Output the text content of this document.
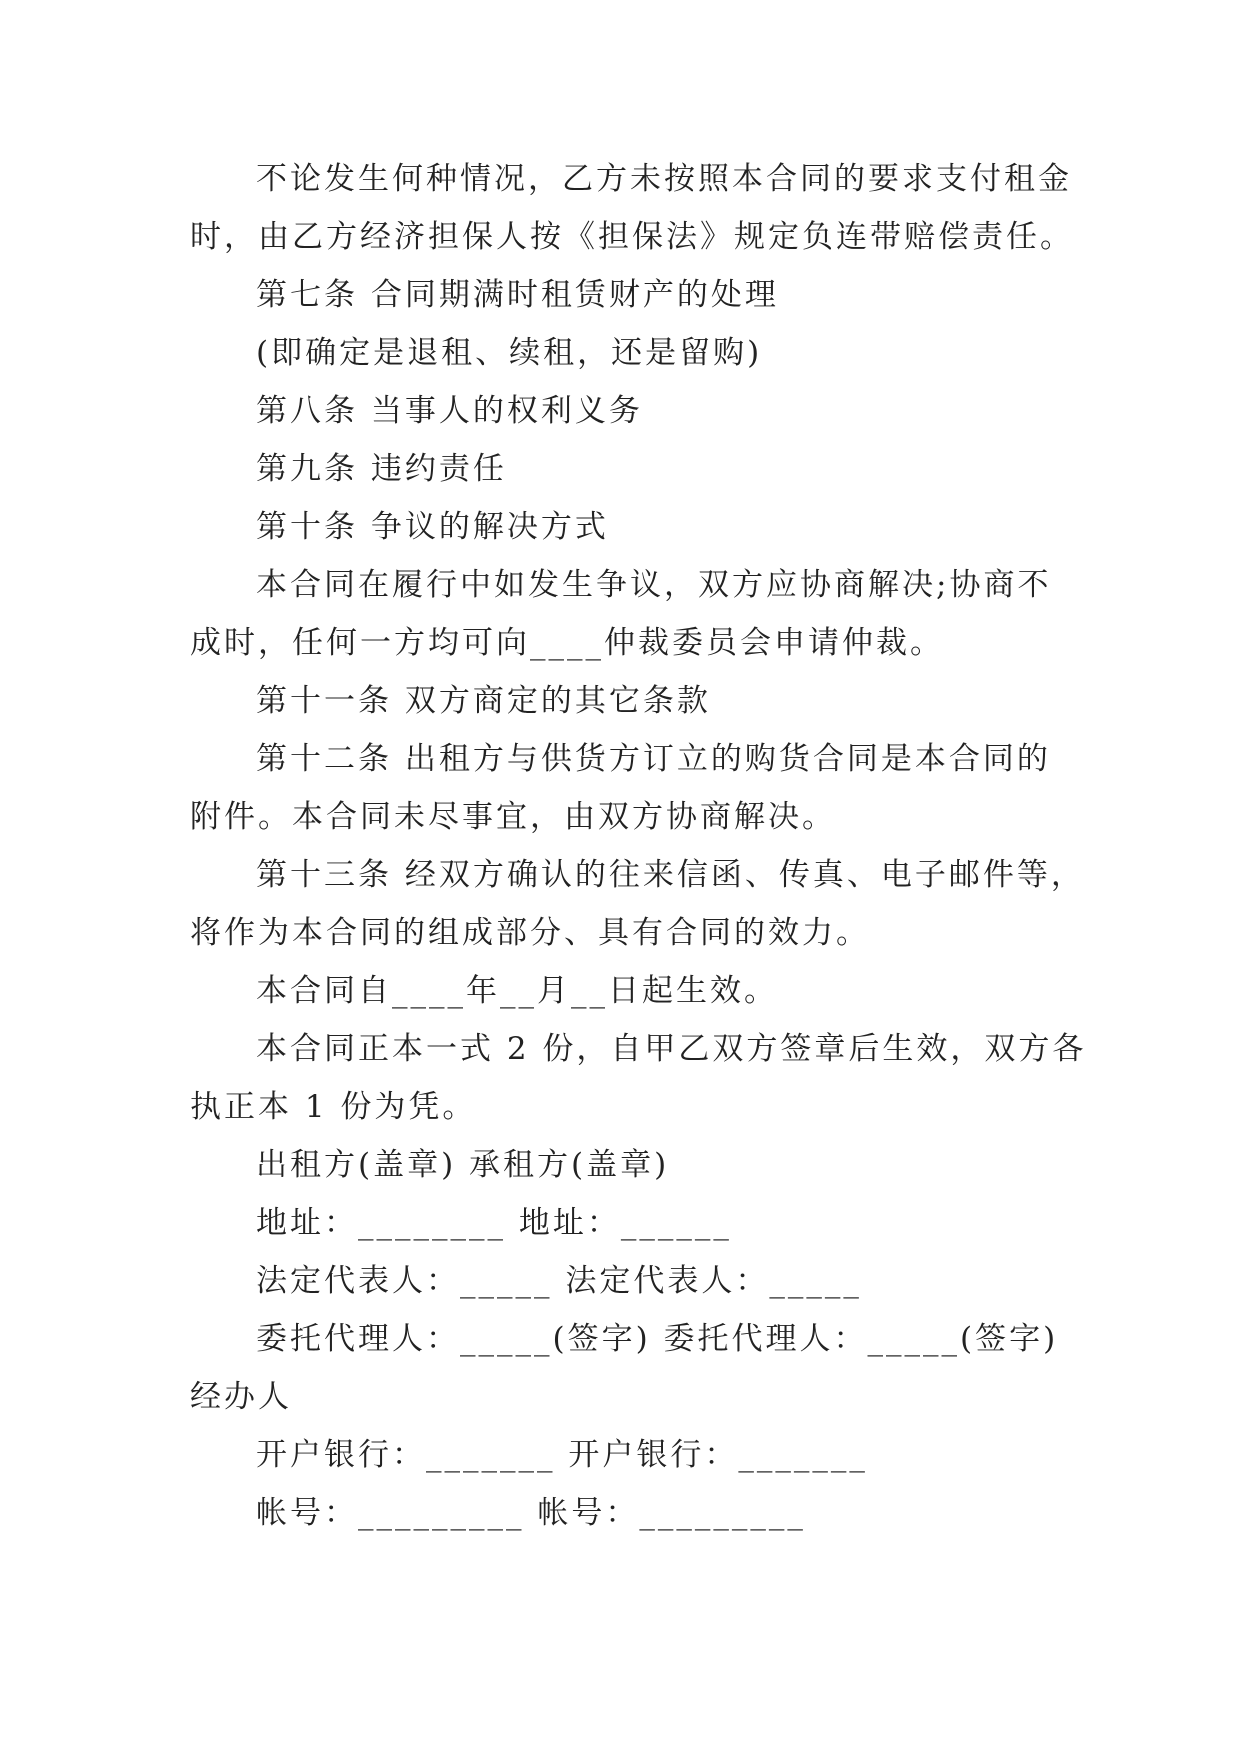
不论发生何种情况，乙方未按照本合同的要求支付租金
时，由乙方经济担保人按《担保法》规定负连带赔偿责任。
第七条 合同期满时租赁财产的处理
(即确定是退租、续租，还是留购)
第八条 当事人的权利义务
第九条 违约责任
第十条 争议的解决方式
本合同在履行中如发生争议，双方应协商解决;协商不
成时，任何一方均可向____仲裁委员会申请仲裁。
第十一条 双方商定的其它条款
第十二条 出租方与供货方订立的购货合同是本合同的
附件。本合同未尽事宜，由双方协商解决。
第十三条 经双方确认的往来信函、传真、电子邮件等，
将作为本合同的组成部分、具有合同的效力。
本合同自____年__月__日起生效。
本合同正本一式 2 份，自甲乙双方签章后生效，双方各
执正本 1 份为凭。
出租方(盖章) 承租方(盖章)
地址：________ 地址：______
法定代表人：_____ 法定代表人：_____
委托代理人：_____(签字) 委托代理人：_____(签字)
经办人
开户银行：_______ 开户银行：_______
帐号：_________ 帐号：_________
